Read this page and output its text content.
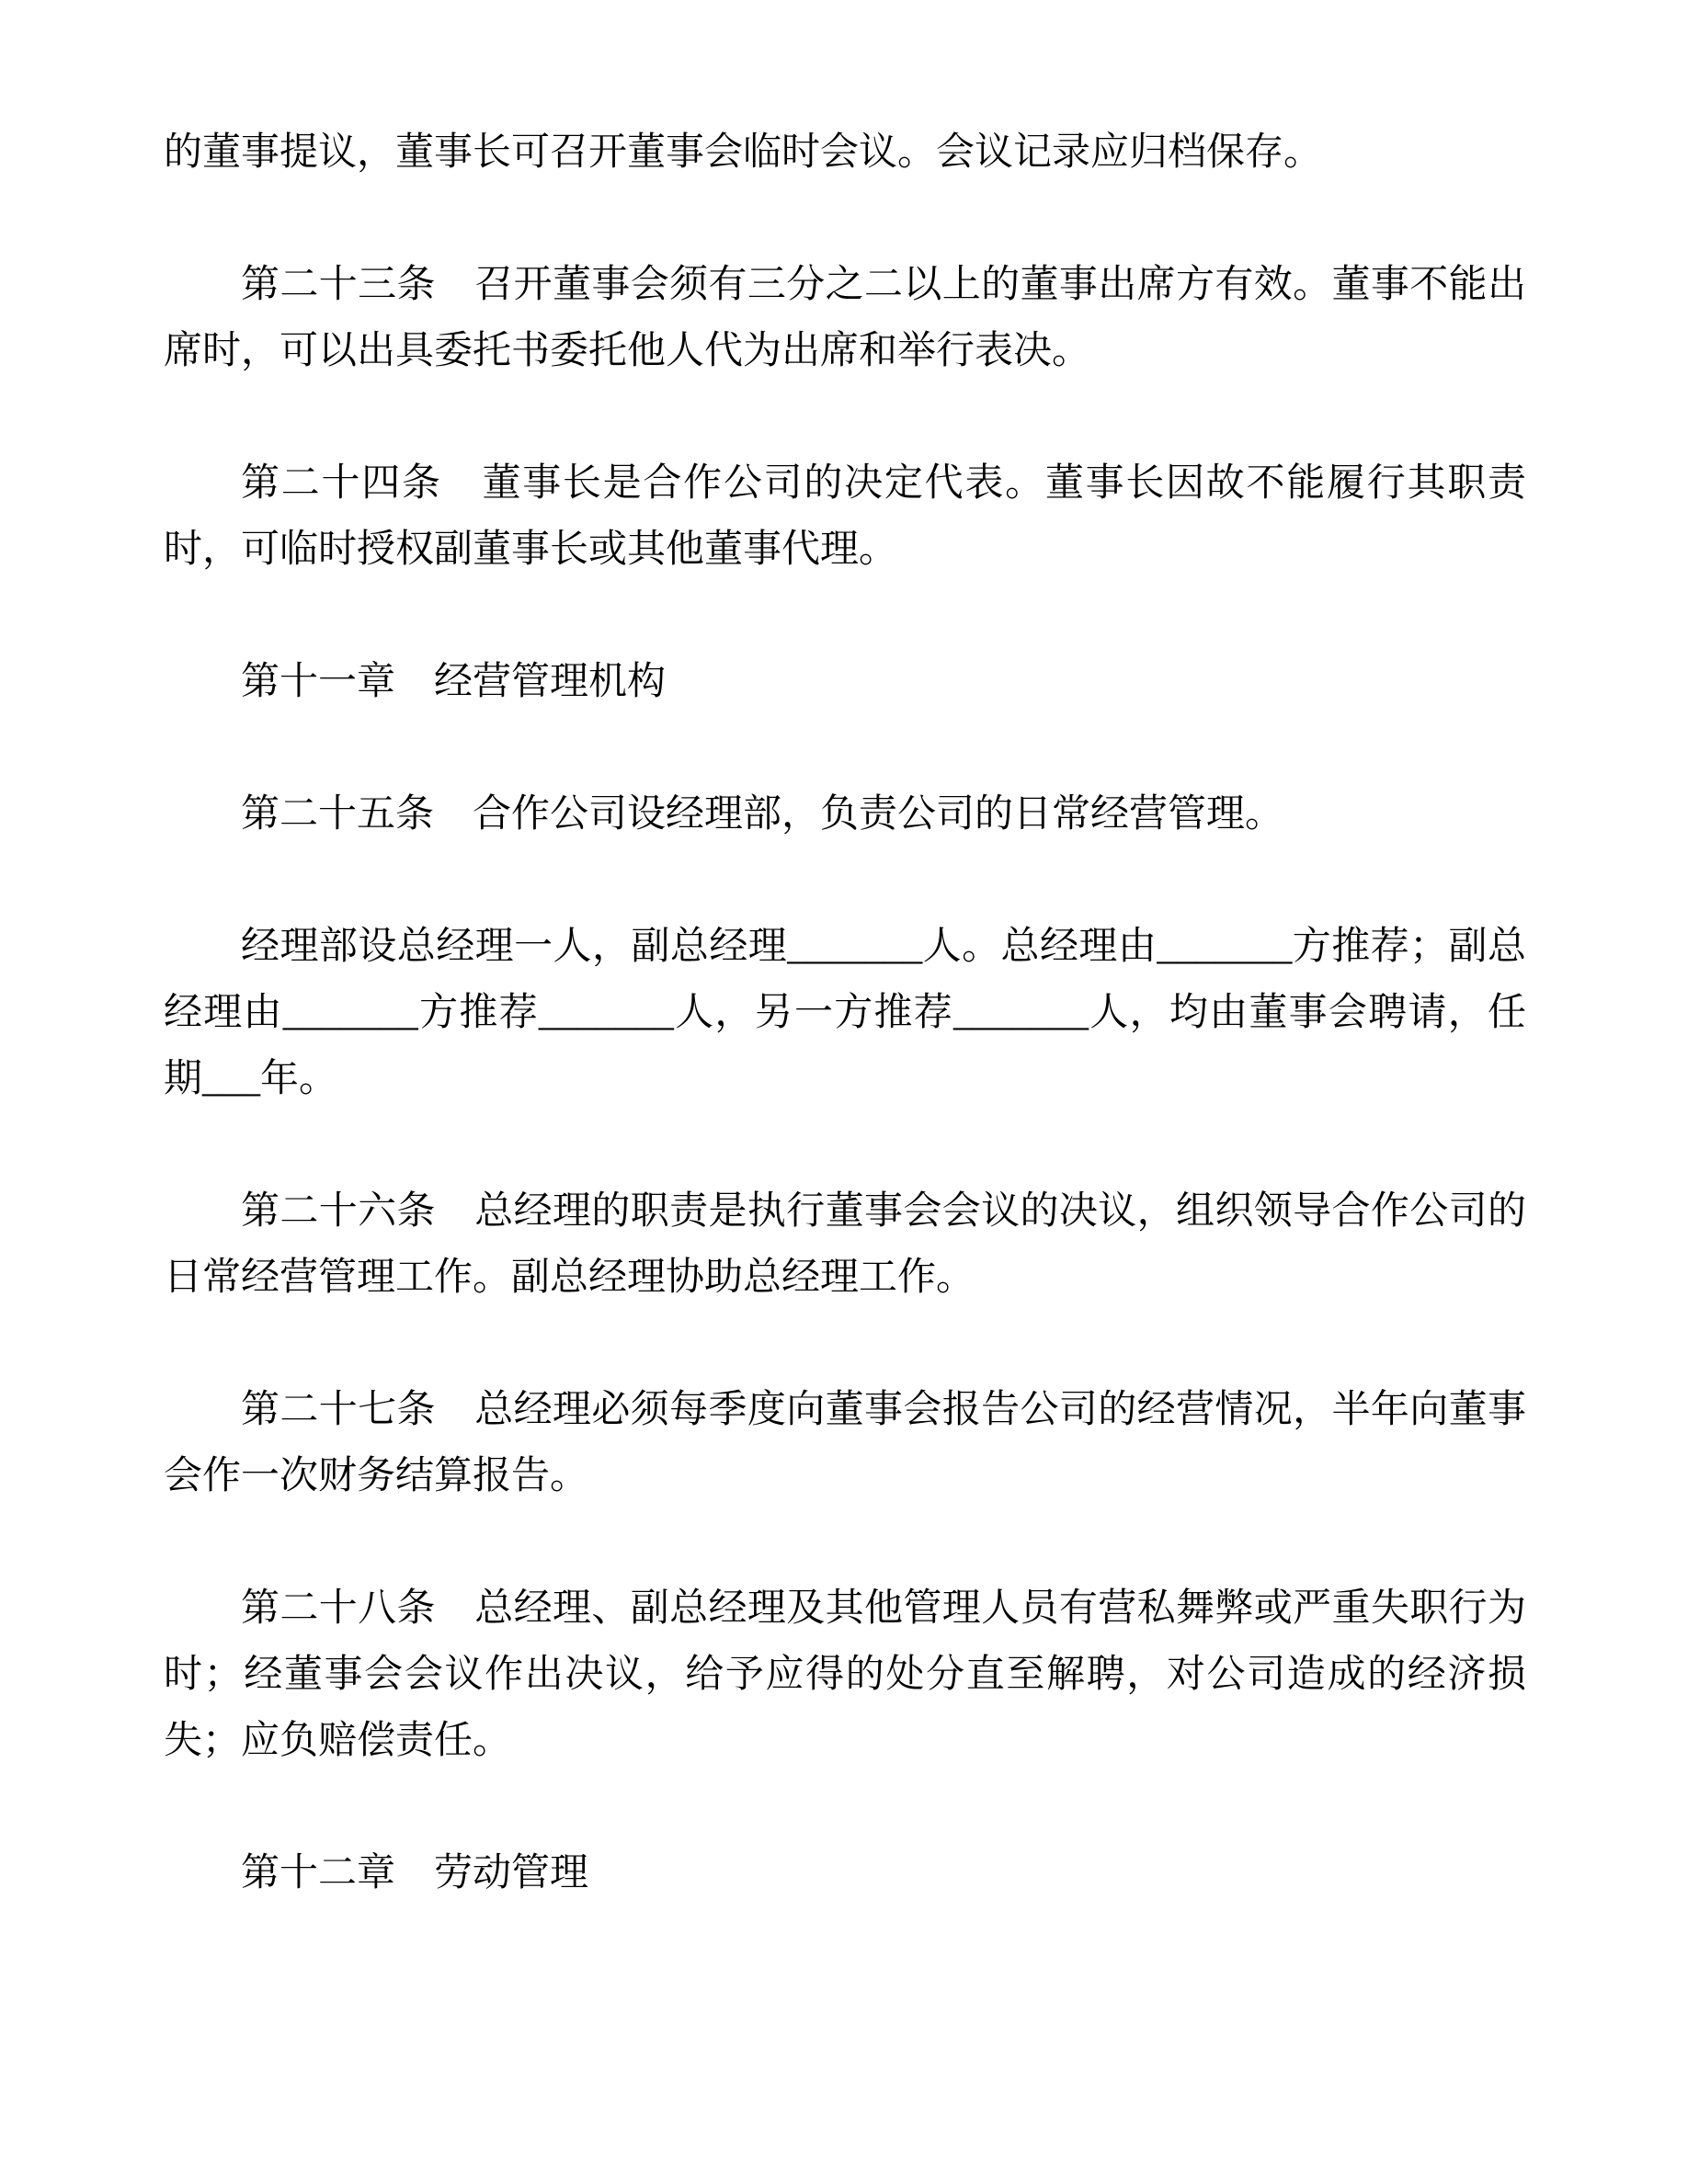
的董事提议，董事长可召开董事会临时会议。会议记录应归档保存。

第二十三条　召开董事会须有三分之二以上的董事出席方有效。董事不能出席时，可以出具委托书委托他人代为出席和举行表决。

第二十四条　董事长是合作公司的决定代表。董事长因故不能履行其职责时，可临时授权副董事长或其他董事代理。

第十一章　经营管理机构

第二十五条　合作公司设经理部，负责公司的日常经营管理。

经理部设总经理一人，副总经理_______人。总经理由_______方推荐；副总经理由_______方推荐_______人，另一方推荐_______人，均由董事会聘请，任期___年。

第二十六条　总经理的职责是执行董事会会议的决议，组织领导合作公司的日常经营管理工作。副总经理协助总经理工作。

第二十七条　总经理必须每季度向董事会报告公司的经营情况，半年向董事会作一次财务结算报告。

第二十八条　总经理、副总经理及其他管理人员有营私舞弊或严重失职行为时；经董事会会议作出决议，给予应得的处分直至解聘，对公司造成的经济损失；应负赔偿责任。

第十二章　劳动管理
